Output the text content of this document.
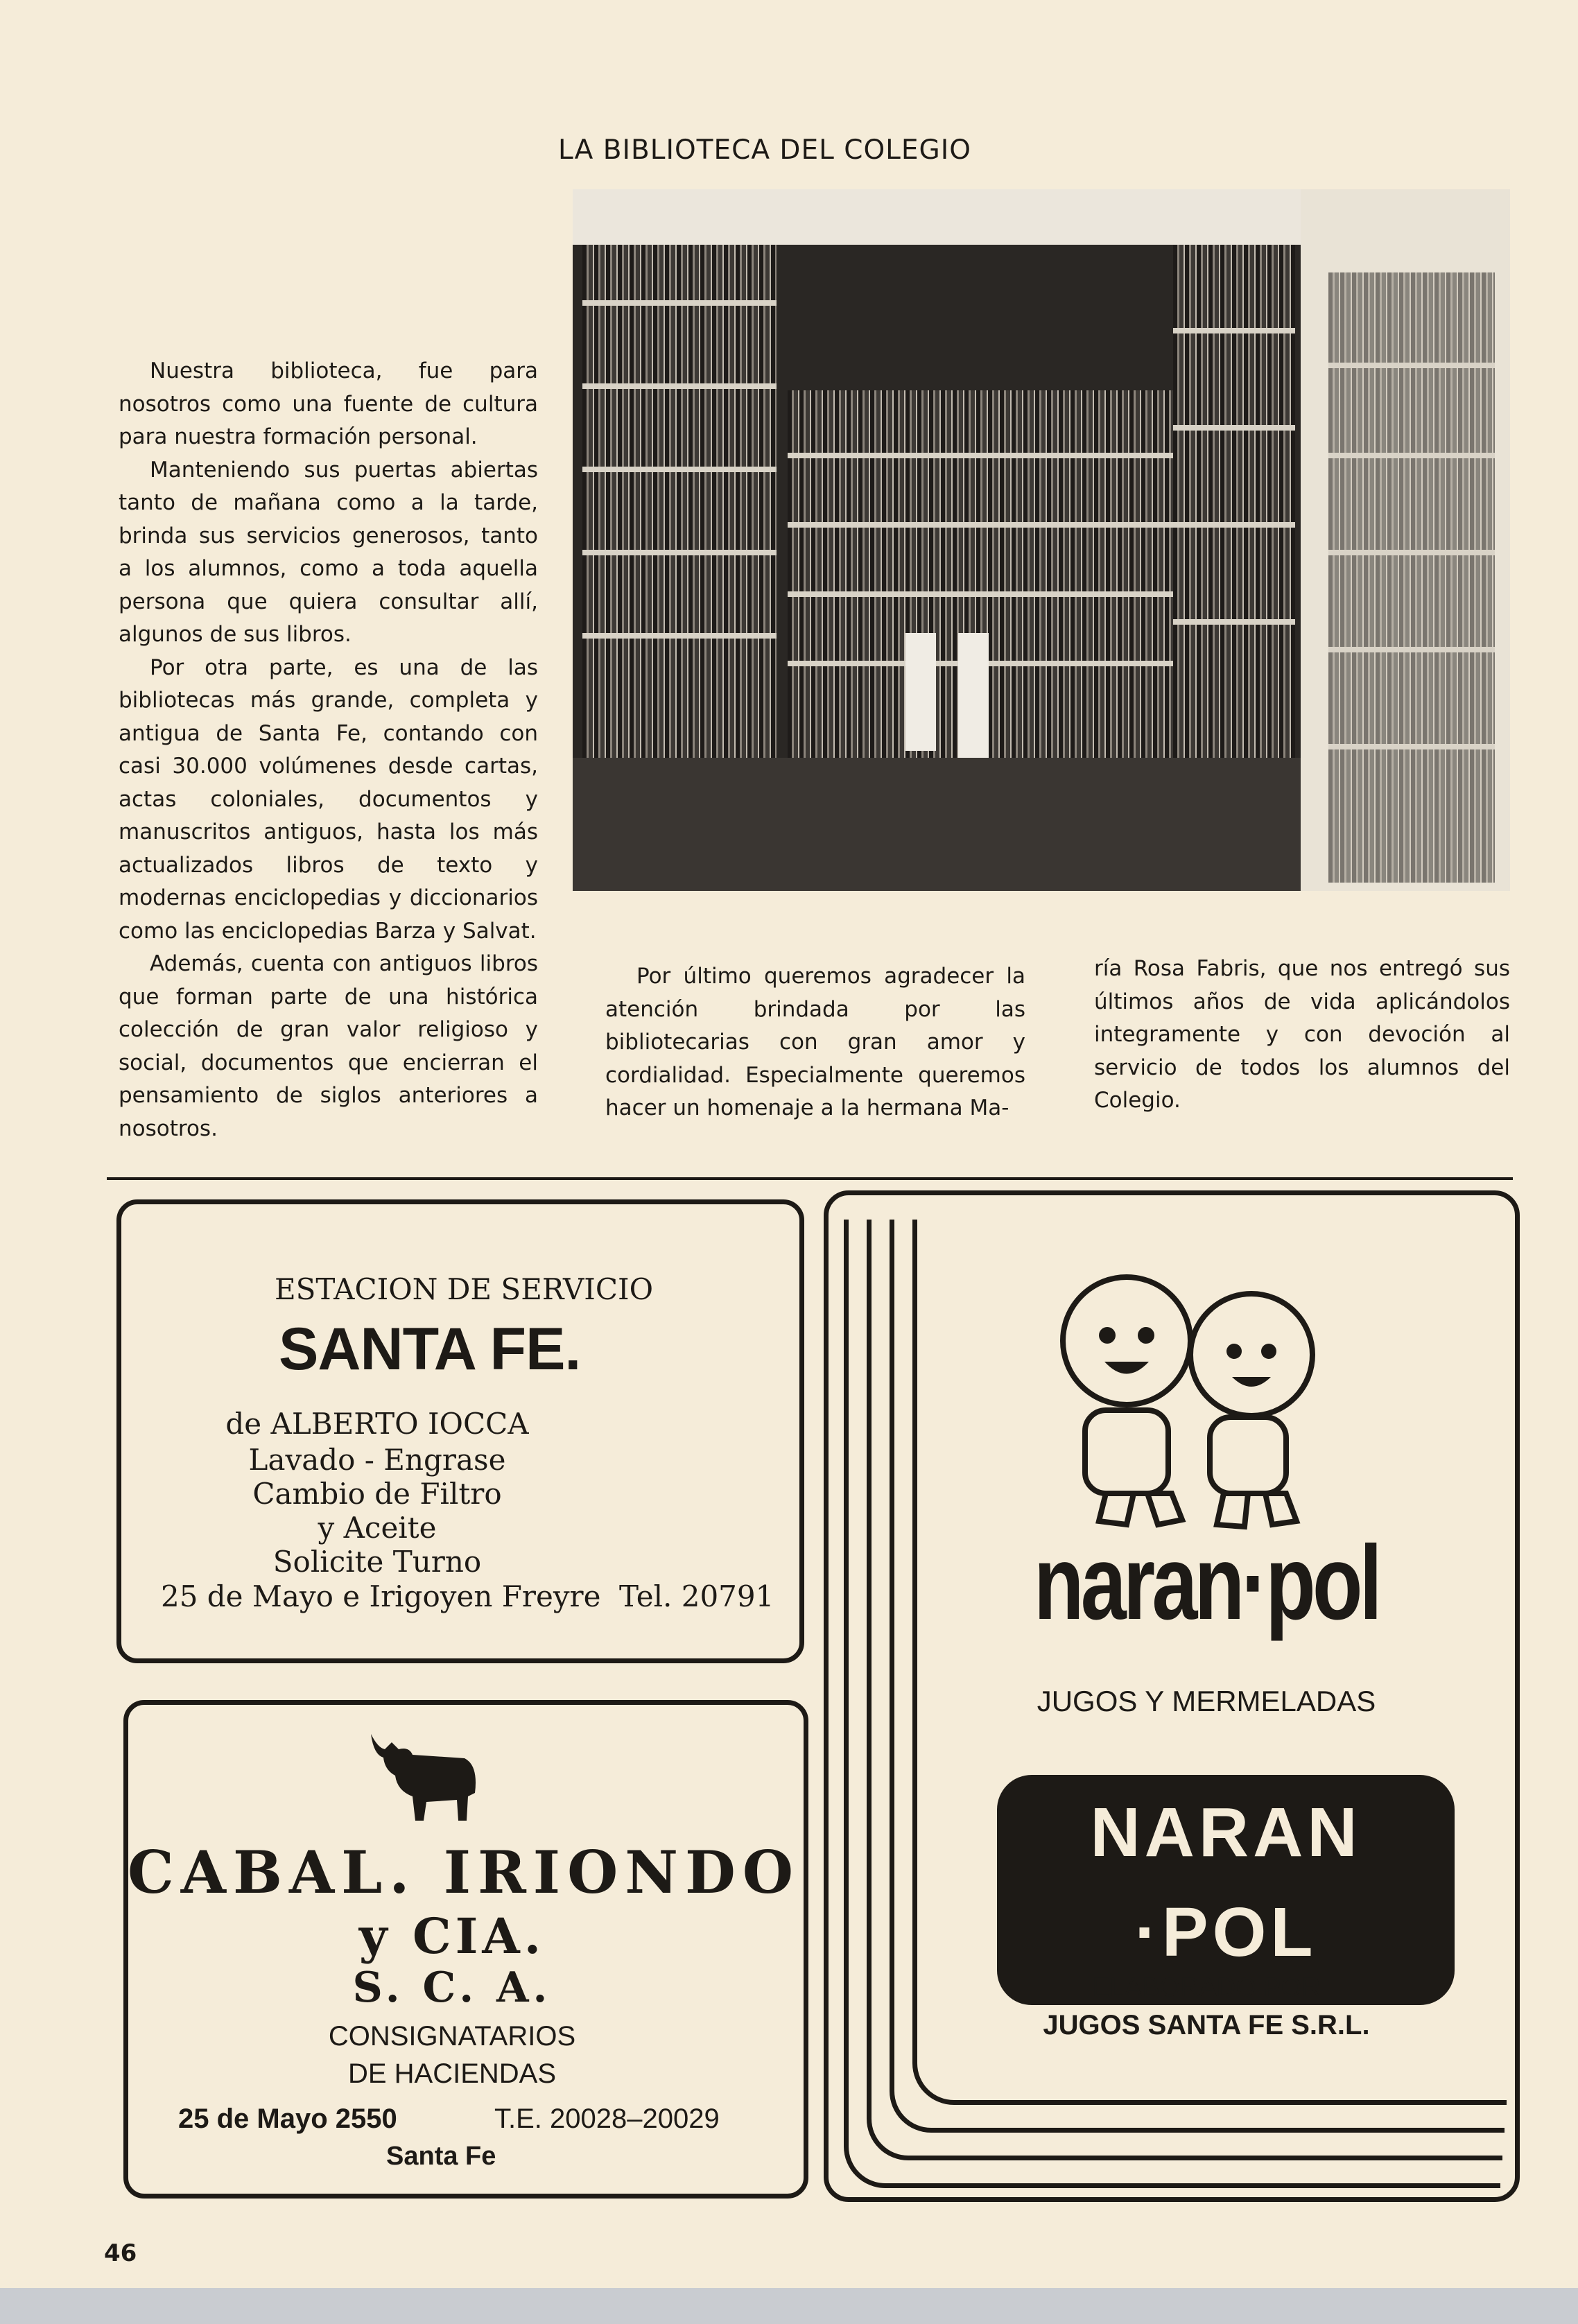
LA BIBLIOTECA DEL COLEGIO

Nuestra biblioteca, fue para nosotros como una fuente de cultura para nuestra formación personal.

Manteniendo sus puertas abiertas tanto de mañana como a la tarde, brinda sus servicios generosos, tanto a los alumnos, como a toda aquella persona que quiera consultar allí, algunos de sus libros.

Por otra parte, es una de las bibliotecas más grande, completa y antigua de Santa Fe, contando con casi 30.000 volúmenes desde cartas, actas coloniales, documentos y manuscritos antiguos, hasta los más actualizados libros de texto y modernas enciclopedias y diccionarios como las enciclopedias Barza y Salvat.

Además, cuenta con antiguos libros que forman parte de una histórica colección de gran valor religioso y social, documentos que encierran el pensamiento de siglos anteriores a nosotros.

Por último queremos agradecer la atención brindada por las bibliotecarias con gran amor y cordialidad. Especialmente queremos hacer un homenaje a la hermana Ma-

ría Rosa Fabris, que nos entregó sus últimos años de vida aplicándolos integramente y con devoción al servicio de todos los alumnos del Colegio.

ESTACION DE SERVICIO
SANTA FE.
de ALBERTO IOCCA
Lavado - Engrase
Cambio de Filtro
y Aceite
Solicite Turno
25 de Mayo e Irigoyen Freyre Tel. 20791
CABAL. IRIONDO
y CIA.
S. C. A.
CONSIGNATARIOS
DE HACIENDAS
25 de Mayo 2550	T.E. 20028–20029
Santa Fe
naran·pol
JUGOS Y MERMELADAS
NARAN
·POL
ELABORADO POR
JUGOS SANTA FE S.R.L.
46
